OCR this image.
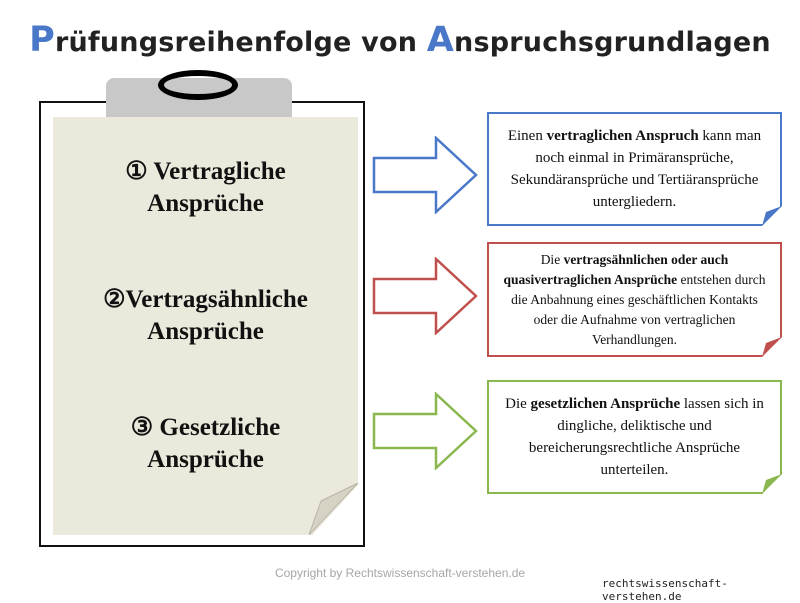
Prüfungsreihenfolge von Anspruchsgrundlagen
① Vertragliche
Ansprüche
②Vertragsähnliche
Ansprüche
③ Gesetzliche
Ansprüche

Einen vertraglichen Anspruch kann man noch einmal in Primäransprüche, Sekundäransprüche und Tertiäransprüche untergliedern.

Die vertragsähnlichen oder auch quasivertraglichen Ansprüche entstehen durch die Anbahnung eines geschäftlichen Kontakts oder die Aufnahme von vertraglichen Verhandlungen.

Die gesetzlichen Ansprüche lassen sich in dingliche, deliktische und bereicherungsrechtliche Ansprüche unterteilen.

Copyright by Rechtswissenschaft-verstehen.de
rechtswissenschaft-verstehen.de
